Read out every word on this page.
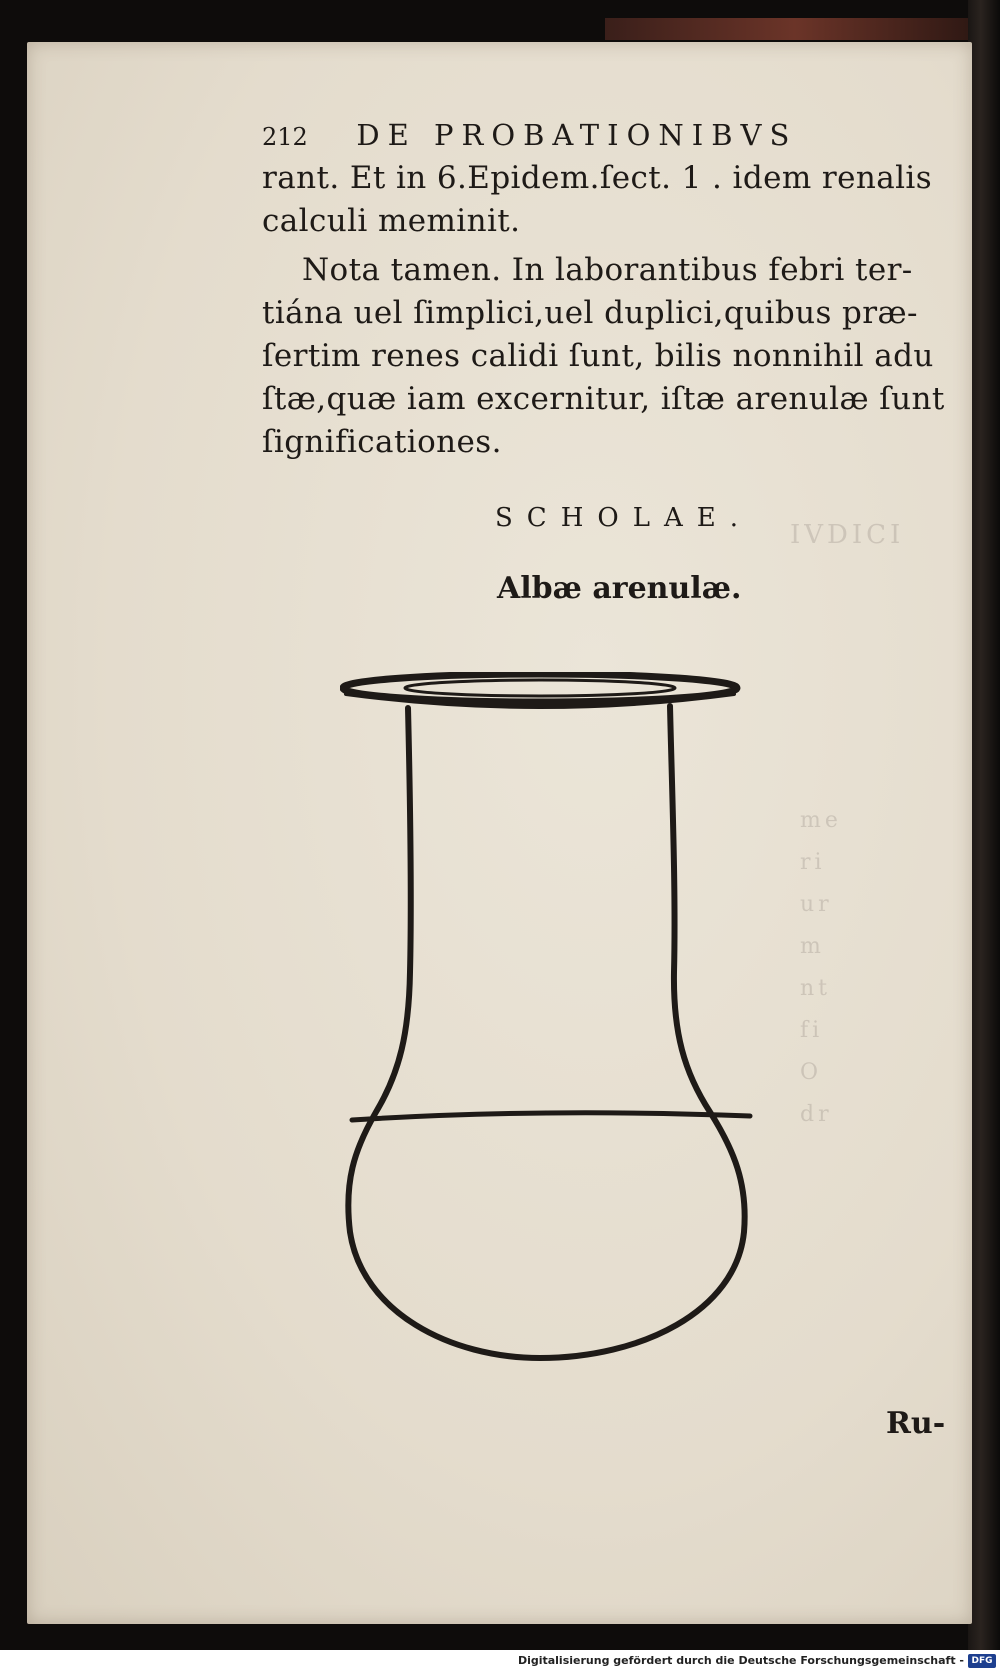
IVDICI
me
ri
ur
m
nt
fi
O
dr
212 DE PROBATIONIBVS
rant. Et in 6.Epidem.ſect. 1 . idem renalis
calculi meminit.
Nota tamen. In laborantibus febri ter-
tiána uel ſimplici,uel duplici,quibus præ-
ſertim renes calidi ſunt, bilis nonnihil adu
ſtæ,quæ iam excernitur, iſtæ arenulæ ſunt
ſignificationes.
SCHOLAE.
Albæ arenulæ.
Ru-
Digitalisierung gefördert durch die Deutsche Forschungsgemeinschaft - DFG
